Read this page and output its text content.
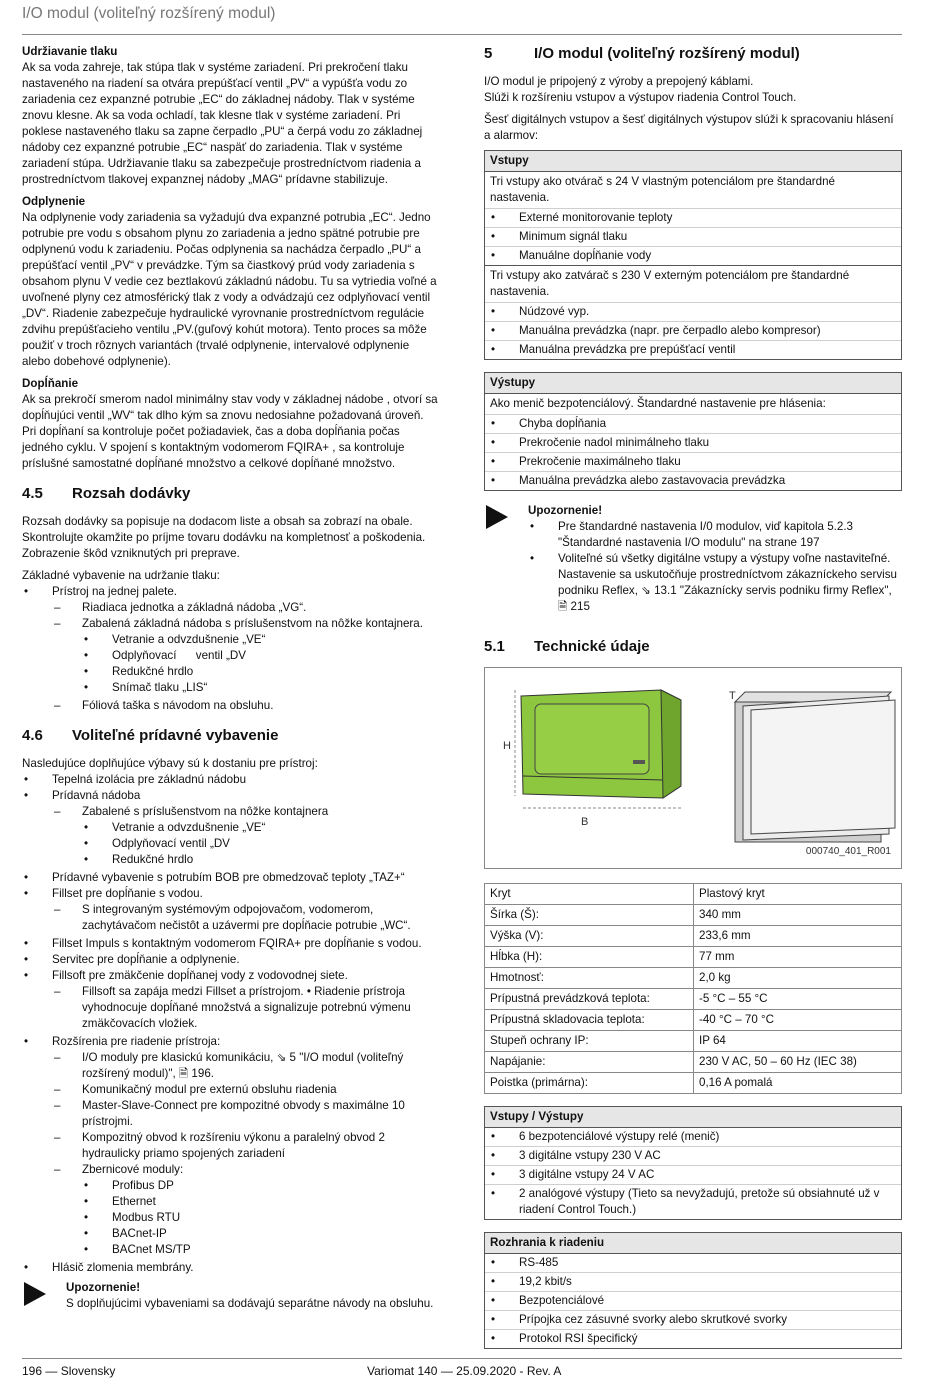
I/O modul (voliteľný rozšírený modul)

Udržiavanie tlaku

Ak sa voda zahreje, tak stúpa tlak v systéme zariadení. Pri prekročení tlaku nastaveného na riadení sa otvára prepúšťací ventil „PV“ a vypúšťa vodu zo zariadenia cez expanzné potrubie „EC“ do základnej nádoby. Tlak v systéme znovu klesne. Ak sa voda ochladí, tak klesne tlak v systéme zariadení. Pri poklese nastaveného tlaku sa zapne čerpadlo „PU“ a čerpá vodu zo základnej nádoby cez expanzné potrubie „EC“ naspäť do zariadenia. Tlak v systéme zariadení stúpa. Udržiavanie tlaku sa zabezpečuje prostredníctvom riadenia a prostredníctvom tlakovej expanznej nádoby „MAG“ prídavne stabilizuje.

Odplynenie

Na odplynenie vody zariadenia sa vyžadujú dva expanzné potrubia „EC“. Jedno potrubie pre vodu s obsahom plynu zo zariadenia a jedno spätné potrubie pre odplynenú vodu k zariadeniu. Počas odplynenia sa nachádza čerpadlo „PU“ a prepúšťací ventil „PV“ v prevádzke. Tým sa čiastkový prúd vody zariadenia s obsahom plynu V vedie cez beztlakovú základnú nádobu. Tu sa vytriedia voľné a uvoľnené plyny cez atmosférický tlak z vody a odvádzajú cez odplyňovací ventil „DV“. Riadenie zabezpečuje hydraulické vyrovnanie prostredníctvom regulácie zdvihu prepúšťacieho ventilu „PV.(guľový kohút motora). Tento proces sa môže použiť v troch rôznych variantách (trvalé odplynenie, intervalové odplynenie alebo dobehové odplynenie).

Dopĺňanie

Ak sa prekročí smerom nadol minimálny stav vody v základnej nádobe , otvorí sa dopĺňujúci ventil „WV“ tak dlho kým sa znovu nedosiahne požadovaná úroveň. Pri dopĺňaní sa kontroluje počet požiadaviek, čas a doba dopĺňania počas jedného cyklu. V spojení s kontaktným vodomerom FQIRA+ , sa kontroluje príslušné samostatné dopĺňané množstvo a celkové dopĺňané množstvo.

4.5	Rozsah dodávky

Rozsah dodávky sa popisuje na dodacom liste a obsah sa zobrazí na obale. Skontrolujte okamžite po príjme tovaru dodávku na kompletnosť a poškodenia. Zobrazenie škôd vzniknutých pri preprave.

Základné vybavenie na udržanie tlaku:

• Prístroj na jednej palete.
– Riadiaca jednotka a základná nádoba „VG“.
– Zabalená základná nádoba s príslušenstvom na nôžke kontajnera.
• Vetranie a odvzdušnenie „VE“
• Odplyňovací      ventil „DV
• Redukčné hrdlo
• Snímač tlaku „LIS“
– Fóliová taška s návodom na obsluhu.
4.6	Voliteľné prídavné vybavenie

Nasledujúce doplňujúce výbavy sú k dostaniu pre prístroj:

• Tepelná izolácia pre základnú nádobu
• Prídavná nádoba
– Zabalené s príslušenstvom na nôžke kontajnera
• Vetranie a odvzdušnenie „VE“
• Odplyňovací ventil „DV
• Redukčné hrdlo
• Prídavné vybavenie s potrubím BOB pre obmedzovač teploty „TAZ+“
• Fillset pre dopĺňanie s vodou.
– S integrovaným systémovým odpojovačom, vodomerom, zachytávačom nečistôt a uzávermi pre dopĺňacie potrubie „WC“.
• Fillset Impuls s kontaktným vodomerom FQIRA+ pre dopĺňanie s vodou.
• Servitec pre dopĺňanie a odplynenie.
• Fillsoft pre zmäkčenie dopĺňanej vody z vodovodnej siete.
– Fillsoft sa zapája medzi Fillset a prístrojom. • Riadenie prístroja vyhodnocuje dopĺňané množstvá a signalizuje potrebnú výmenu zmäkčovacích vložiek.
• Rozšírenia pre riadenie prístroja:
– I/O moduly pre klasickú komunikáciu, ⇘ 5 "I/O modul (voliteľný rozšírený modul)", 🗎 196.
– Komunikačný modul pre externú obsluhu riadenia
– Master-Slave-Connect pre kompozitné obvody s maximálne 10 prístrojmi.
– Kompozitný obvod k rozšíreniu výkonu a paralelný obvod 2 hydraulicky priamo spojených zariadení
– Zbernicové moduly:
• Profibus DP
• Ethernet
• Modbus RTU
• BACnet-IP
• BACnet MS/TP
• Hlásič zlomenia membrány.
Upozornenie!
S doplňujúcimi vybaveniami sa dodávajú separátne návody na obsluhu.
5	I/O modul (voliteľný rozšírený modul)

I/O modul je pripojený z výroby a prepojený káblami.

Slúži k rozšíreniu vstupov a výstupov riadenia Control Touch.

Šesť digitálnych vstupov a šesť digitálnych výstupov slúži k spracovaniu hlásení a alarmov:

Vstupy
Tri vstupy ako otvárač s 24 V vlastným potenciálom pre štandardné nastavenia.
• Externé monitorovanie teploty
• Minimum signál tlaku
• Manuálne dopĺňanie vody
Tri vstupy ako zatvárač s 230 V externým potenciálom pre štandardné nastavenia.
• Núdzové vyp.
• Manuálna prevádzka (napr. pre čerpadlo alebo kompresor)
• Manuálna prevádzka pre prepúšťací ventil
Výstupy
Ako menič bezpotenciálový. Štandardné nastavenie pre hlásenia:
• Chyba dopĺňania
• Prekročenie nadol minimálneho tlaku
• Prekročenie maximálneho tlaku
• Manuálna prevádzka alebo zastavovacia prevádzka
Upozornenie!
• Pre štandardné nastavenia I/0 modulov, viď kapitola 5.2.3 "Štandardné nastavenia I/O modulu" na strane 197
• Voliteľné sú všetky digitálne vstupy a výstupy voľne nastaviteľné. Nastavenie sa uskutočňuje prostredníctvom zákazníckeho servisu podniku Reflex, ⇘ 13.1 "Zákaznícky servis podniku firmy Reflex", 🗎 215
5.1	Technické údaje
H
B
T
000740_401_R001
Kryt	Plastový kryt
Šírka (Š):	340 mm
Výška (V):	233,6 mm
Hĺbka (H):	77 mm
Hmotnosť:	2,0 kg
Prípustná prevádzková teplota:	-5 °C – 55 °C
Prípustná skladovacia teplota:	-40 °C – 70 °C
Stupeň ochrany IP:	IP 64
Napájanie:	230 V AC, 50 – 60 Hz (IEC 38)
Poistka (primárna):	0,16 A pomalá
Vstupy / Výstupy
• 6 bezpotenciálové výstupy relé (menič)
• 3 digitálne vstupy 230 V AC
• 3 digitálne vstupy 24 V AC
• 2 analógové výstupy (Tieto sa nevyžadujú, pretože sú obsiahnuté už v riadení Control Touch.)
Rozhrania k riadeniu
• RS-485
• 19,2 kbit/s
• Bezpotenciálové
• Prípojka cez zásuvné svorky alebo skrutkové svorky
• Protokol RSI špecifický
196 — Slovensky	Variomat 140 — 25.09.2020 - Rev. A
